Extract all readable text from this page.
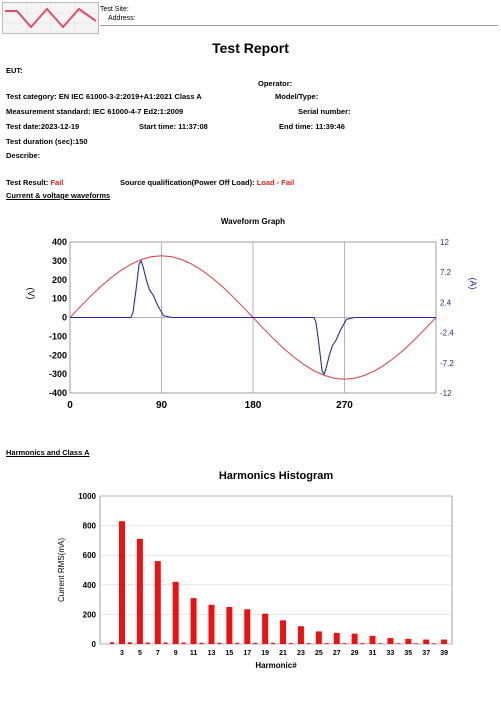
Test Site:
Address:
Test Report
EUT:
Operator:
Test category: EN IEC 61000-3-2:2019+A1:2021 Class A	Model/Type:
Measurement standard: IEC 61000-4-7 Ed2:1:2009	Serial number:
Test date:2023-12-19	Start time: 11:37:08	End time: 11:39:46
Test duration (sec):150
Describe:
Test Result: Fail	Source qualification(Power Off Load): Load - Fail
Current & voltage waveforms
Waveform Graph
400
300
200
100
0
-100
-200
-300
-400
12
7.2
2.4
-2.4
-7.2
-12
0	90	180	270
(V)
(A)
Harmonics and Class A
Harmonics Histogram
1000
800
600
400
200
0
3 5 7 9 11 13 15 17 19 21 23 25 27 29 31 33 35 37 39
Harmonic#
Current RMS(mA)
